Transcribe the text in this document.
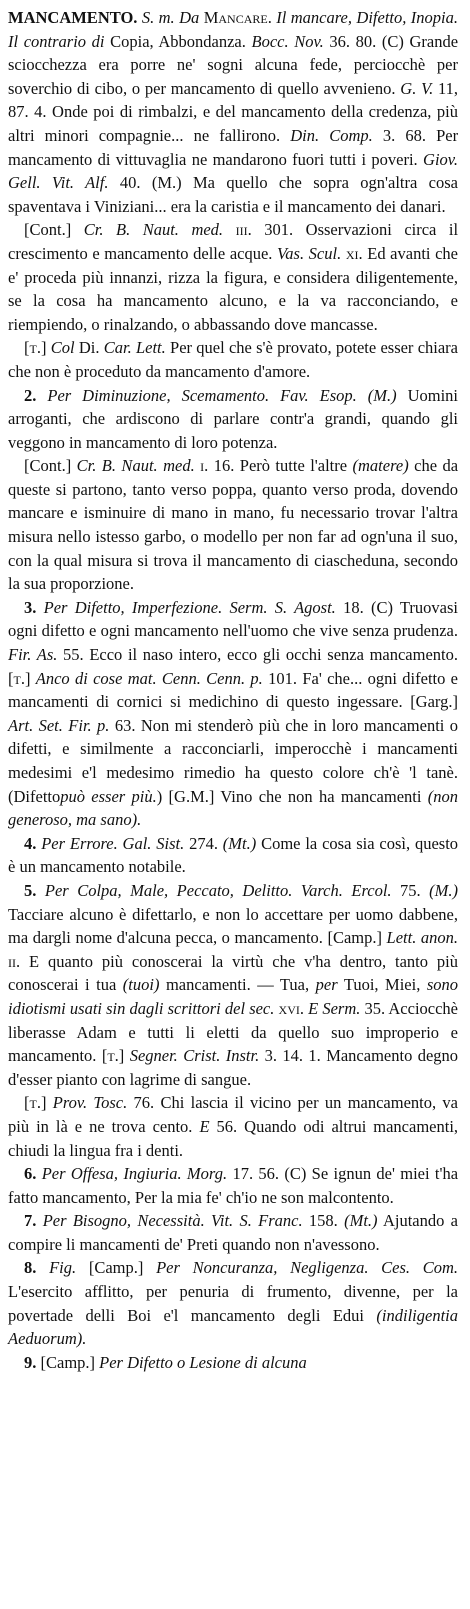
MANCAMENTO. S. m. Da Mancare. Il mancare, Difetto, Inopia. Il contrario di Copia, Abbondanza. Bocc. Nov. 36. 80. (C) Grande sciocchezza era porre ne' sogni alcuna fede, perciocchè per soverchio di cibo, o per mancamento di quello avvenieno. G. V. 11, 87. 4. Onde poi di rimbalzi, e del mancamento della credenza, più altri minori compagnie... ne fallirono. Din. Comp. 3. 68. Per mancamento di vittuvaglia ne mandarono fuori tutti i poveri. Giov. Gell. Vit. Alf. 40. (M.) Ma quello che sopra ogn'altra cosa spaventava i Viniziani... era la caristia e il mancamento dei danari.

[Cont.] Cr. B. Naut. med. iii. 301. Osservazioni circa il crescimento e mancamento delle acque. Vas. Scul. xi. Ed avanti che e' proceda più innanzi, rizza la figura, e considera diligentemente, se la cosa ha mancamento alcuno, e la va racconciando, e riempiendo, o rinalzando, o abbassando dove mancasse.

[t.] Col Di. Car. Lett. Per quel che s'è provato, potete esser chiara che non è proceduto da mancamento d'amore.

2. Per Diminuzione, Scemamento. Fav. Esop. (M.) Uomini arroganti, che ardiscono di parlare contr'a grandi, quando gli veggono in mancamento di loro potenza.

[Cont.] Cr. B. Naut. med. i. 16. Però tutte l'altre (matere) che da queste si partono, tanto verso poppa, quanto verso proda, dovendo mancare e isminuire di mano in mano, fu necessario trovar l'altra misura nello istesso garbo, o modello per non far ad ogn'una il suo, con la qual misura si trova il mancamento di ciascheduna, secondo la sua proporzione.

3. Per Difetto, Imperfezione. Serm. S. Agost. 18. (C) Truovasi ogni difetto e ogni mancamento nell'uomo che vive senza prudenza. Fir. As. 55. Ecco il naso intero, ecco gli occhi senza mancamento. [t.] Anco di cose mat. Cenn. Cenn. p. 101. Fa' che... ogni difetto e mancamenti di cornici si medichino di questo ingessare. [Garg.] Art. Set. Fir. p. 63. Non mi stenderò più che in loro mancamenti o difetti, e similmente a racconciarli, imperocchè i mancamenti medesimi e'l medesimo rimedio ha questo colore ch'è 'l tanè. (Difettopuò esser più.) [G.M.] Vino che non ha mancamenti (non generoso, ma sano).

4. Per Errore. Gal. Sist. 274. (Mt.) Come la cosa sia così, questo è un mancamento notabile.

5. Per Colpa, Male, Peccato, Delitto. Varch. Ercol. 75. (M.) Tacciare alcuno è difettarlo, e non lo accettare per uomo dabbene, ma dargli nome d'alcuna pecca, o mancamento. [Camp.] Lett. anon. ii. E quanto più conoscerai la virtù che v'ha dentro, tanto più conoscerai i tua (tuoi) mancamenti. — Tua, per Tuoi, Miei, sono idiotismi usati sin dagli scrittori del sec. xvi. E Serm. 35. Acciocchè liberasse Adam e tutti li eletti da quello suo improperio e mancamento. [t.] Segner. Crist. Instr. 3. 14. 1. Mancamento degno d'esser pianto con lagrime di sangue.

[t.] Prov. Tosc. 76. Chi lascia il vicino per un mancamento, va più in là e ne trova cento. E 56. Quando odi altrui mancamenti, chiudi la lingua fra i denti.

6. Per Offesa, Ingiuria. Morg. 17. 56. (C) Se ignun de' miei t'ha fatto mancamento, Per la mia fe' ch'io ne son malcontento.

7. Per Bisogno, Necessità. Vit. S. Franc. 158. (Mt.) Ajutando a compire li mancamenti de' Preti quando non n'avessono.

8. Fig. [Camp.] Per Noncuranza, Negligenza. Ces. Com. L'esercito afflitto, per penuria di frumento, divenne, per la povertade delli Boi e'l mancamento degli Edui (indiligentia Aeduorum).

9. [Camp.] Per Difetto o Lesione di alcuna
